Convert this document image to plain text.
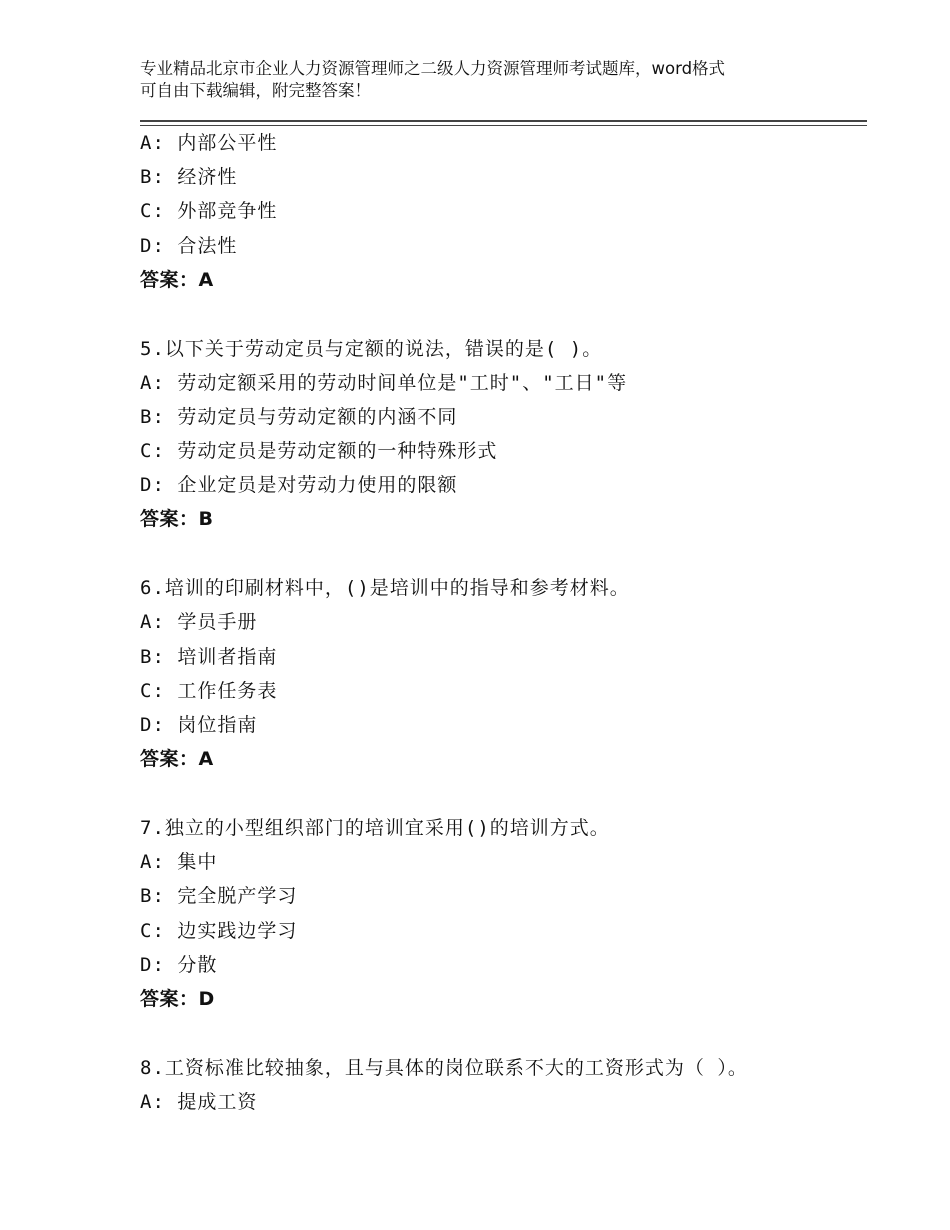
专业精品北京市企业人力资源管理师之二级人力资源管理师考试题库，word格式
可自由下载编辑，附完整答案！
A: 内部公平性
B: 经济性
C: 外部竞争性
D: 合法性
答案：A
5.以下关于劳动定员与定额的说法，错误的是( )。
A: 劳动定额采用的劳动时间单位是"工时"、"工日"等
B: 劳动定员与劳动定额的内涵不同
C: 劳动定员是劳动定额的一种特殊形式
D: 企业定员是对劳动力使用的限额
答案：B
6.培训的印刷材料中，()是培训中的指导和参考材料。
A: 学员手册
B: 培训者指南
C: 工作任务表
D: 岗位指南
答案：A
7.独立的小型组织部门的培训宜采用()的培训方式。
A: 集中
B: 完全脱产学习
C: 边实践边学习
D: 分散
答案：D
8.工资标准比较抽象，且与具体的岗位联系不大的工资形式为（ ）。
A: 提成工资
